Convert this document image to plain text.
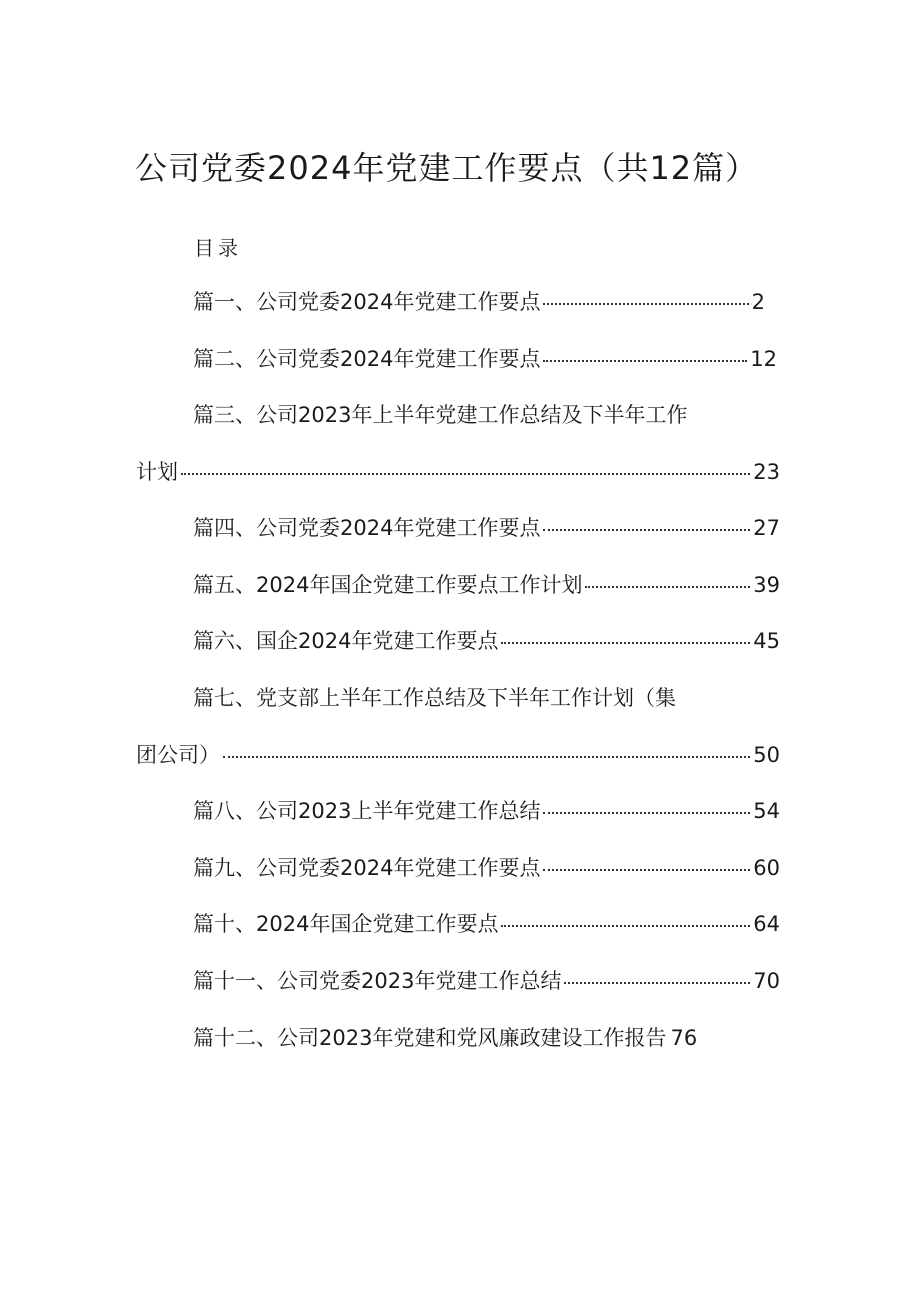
公司党委2024年党建工作要点（共12篇）
目录
篇一、公司党委2024年党建工作要点	2
篇二、公司党委2024年党建工作要点	12
篇三、公司2023年上半年党建工作总结及下半年工作
计划	23
篇四、公司党委2024年党建工作要点	27
篇五、2024年国企党建工作要点工作计划	39
篇六、国企2024年党建工作要点	45
篇七、党支部上半年工作总结及下半年工作计划（集
团公司）	50
篇八、公司2023上半年党建工作总结	54
篇九、公司党委2024年党建工作要点	60
篇十、2024年国企党建工作要点	64
篇十一、公司党委2023年党建工作总结	70
篇十二、公司2023年党建和党风廉政建设工作报告 76
